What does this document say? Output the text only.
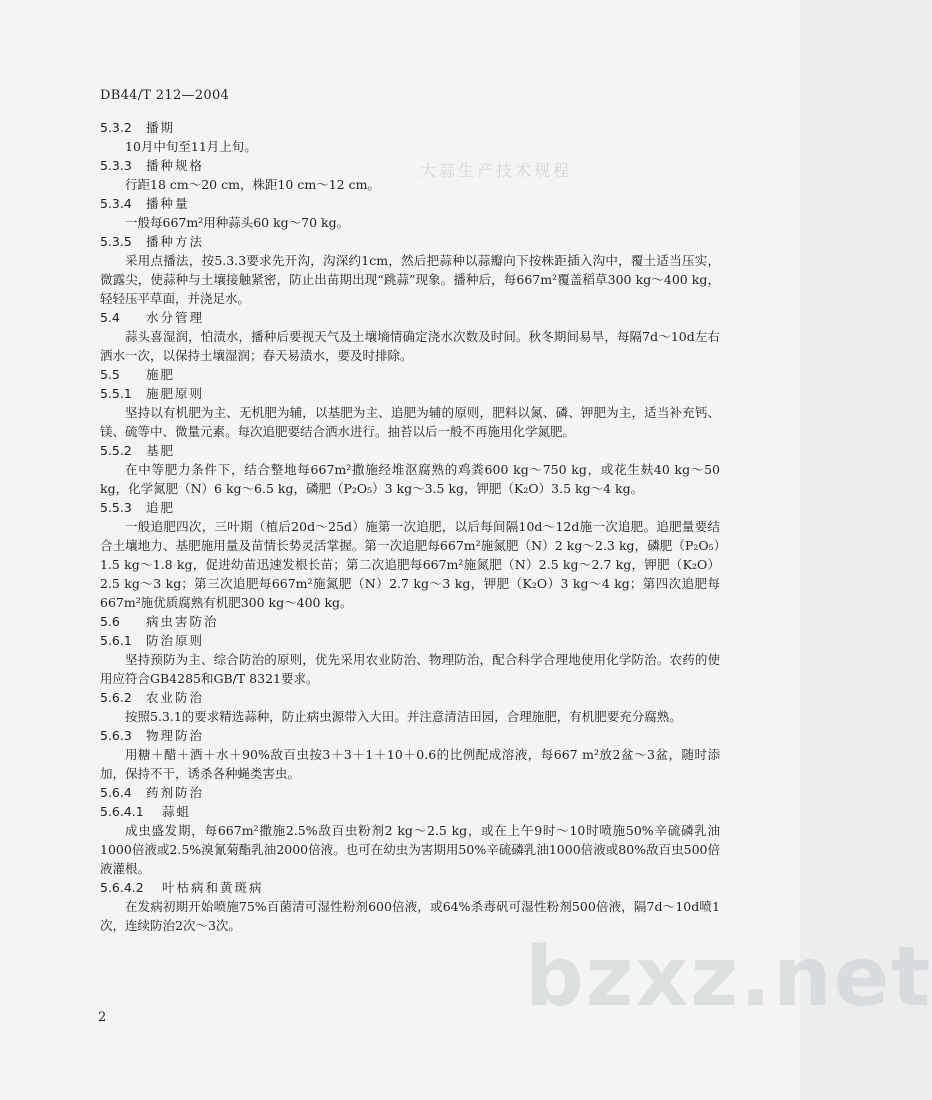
大蒜生产技术规程
DB44/T 212—2004

5.3.2 播期

10月中旬至11月上旬。

5.3.3 播种规格

行距18 cm～20 cm，株距10 cm～12 cm。

5.3.4 播种量

一般每667m²用种蒜头60 kg～70 kg。

5.3.5 播种方法

采用点播法，按5.3.3要求先开沟，沟深约1cm，然后把蒜种以蒜瓣向下按株距插入沟中，覆土适当压实，微露尖，使蒜种与土壤接触紧密，防止出苗期出现“跳蒜”现象。播种后，每667m²覆盖稻草300 kg～400 kg，轻轻压平草面，并浇足水。

5.4 水分管理

蒜头喜湿润，怕渍水，播种后要视天气及土壤墒情确定浇水次数及时间。秋冬期间易旱，每隔7d～10d左右洒水一次，以保持土壤湿润；春天易渍水，要及时排除。

5.5 施肥

5.5.1 施肥原则

坚持以有机肥为主、无机肥为辅，以基肥为主、追肥为辅的原则，肥料以氮、磷、钾肥为主，适当补充钙、镁、硫等中、微量元素。每次追肥要结合洒水进行。抽苔以后一般不再施用化学氮肥。

5.5.2 基肥

在中等肥力条件下，结合整地每667m²撒施经堆沤腐熟的鸡粪600 kg～750 kg，或花生麸40 kg～50 kg，化学氮肥（N）6 kg～6.5 kg，磷肥（P₂O₅）3 kg～3.5 kg，钾肥（K₂O）3.5 kg～4 kg。

5.5.3 追肥

一般追肥四次，三叶期（植后20d～25d）施第一次追肥，以后每间隔10d～12d施一次追肥。追肥量要结合土壤地力、基肥施用量及苗情长势灵活掌握。第一次追肥每667m²施氮肥（N）2 kg～2.3 kg，磷肥（P₂O₅）1.5 kg～1.8 kg，促进幼苗迅速发根长苗；第二次追肥每667m²施氮肥（N）2.5 kg～2.7 kg，钾肥（K₂O）2.5 kg～3 kg；第三次追肥每667m²施氮肥（N）2.7 kg～3 kg，钾肥（K₂O）3 kg～4 kg；第四次追肥每667m²施优质腐熟有机肥300 kg～400 kg。

5.6 病虫害防治

5.6.1 防治原则

坚持预防为主、综合防治的原则，优先采用农业防治、物理防治，配合科学合理地使用化学防治。农药的使用应符合GB4285和GB/T 8321要求。

5.6.2 农业防治

按照5.3.1的要求精选蒜种，防止病虫源带入大田。并注意清洁田园，合理施肥，有机肥要充分腐熟。

5.6.3 物理防治

用糖＋醋＋酒＋水＋90%敌百虫按3＋3＋1＋10＋0.6的比例配成溶液，每667 m²放2盆～3盆，随时添加，保持不干，诱杀各种蝇类害虫。

5.6.4 药剂防治

5.6.4.1 蒜蛆

成虫盛发期，每667m²撒施2.5%敌百虫粉剂2 kg～2.5 kg，或在上午9时～10时喷施50%辛硫磷乳油1000倍液或2.5%溴氰菊酯乳油2000倍液。也可在幼虫为害期用50%辛硫磷乳油1000倍液或80%敌百虫500倍液灌根。

5.6.4.2 叶枯病和黄斑病

在发病初期开始喷施75%百菌清可湿性粉剂600倍液，或64%杀毒矾可湿性粉剂500倍液，隔7d～10d喷1次，连续防治2次～3次。

2	bzxz.net
